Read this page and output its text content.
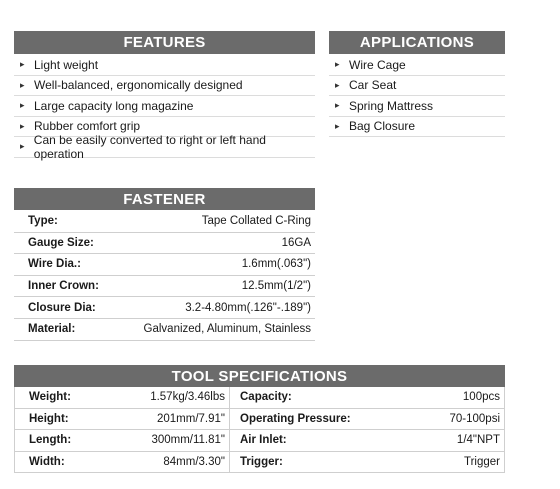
FEATURES
▸ Light weight
▸ Well-balanced, ergonomically designed
▸ Large capacity long magazine
▸ Rubber comfort grip
▸ Can be easily converted to right or left hand operation
APPLICATIONS
▸ Wire Cage
▸ Car Seat
▸ Spring Mattress
▸ Bag Closure
FASTENER
Type:	Tape Collated C-Ring
Gauge Size:	16GA
Wire Dia.:	1.6mm(.063")
Inner Crown:	12.5mm(1/2")
Closure Dia:	3.2-4.80mm(.126"-.189")
Material:	Galvanized, Aluminum, Stainless
TOOL SPECIFICATIONS
Weight:	1.57kg/3.46lbs	Capacity:	100pcs
Height:	201mm/7.91"	Operating Pressure:	70-100psi
Length:	300mm/11.81"	Air Inlet:	1/4"NPT
Width:	84mm/3.30"	Trigger:	Trigger
